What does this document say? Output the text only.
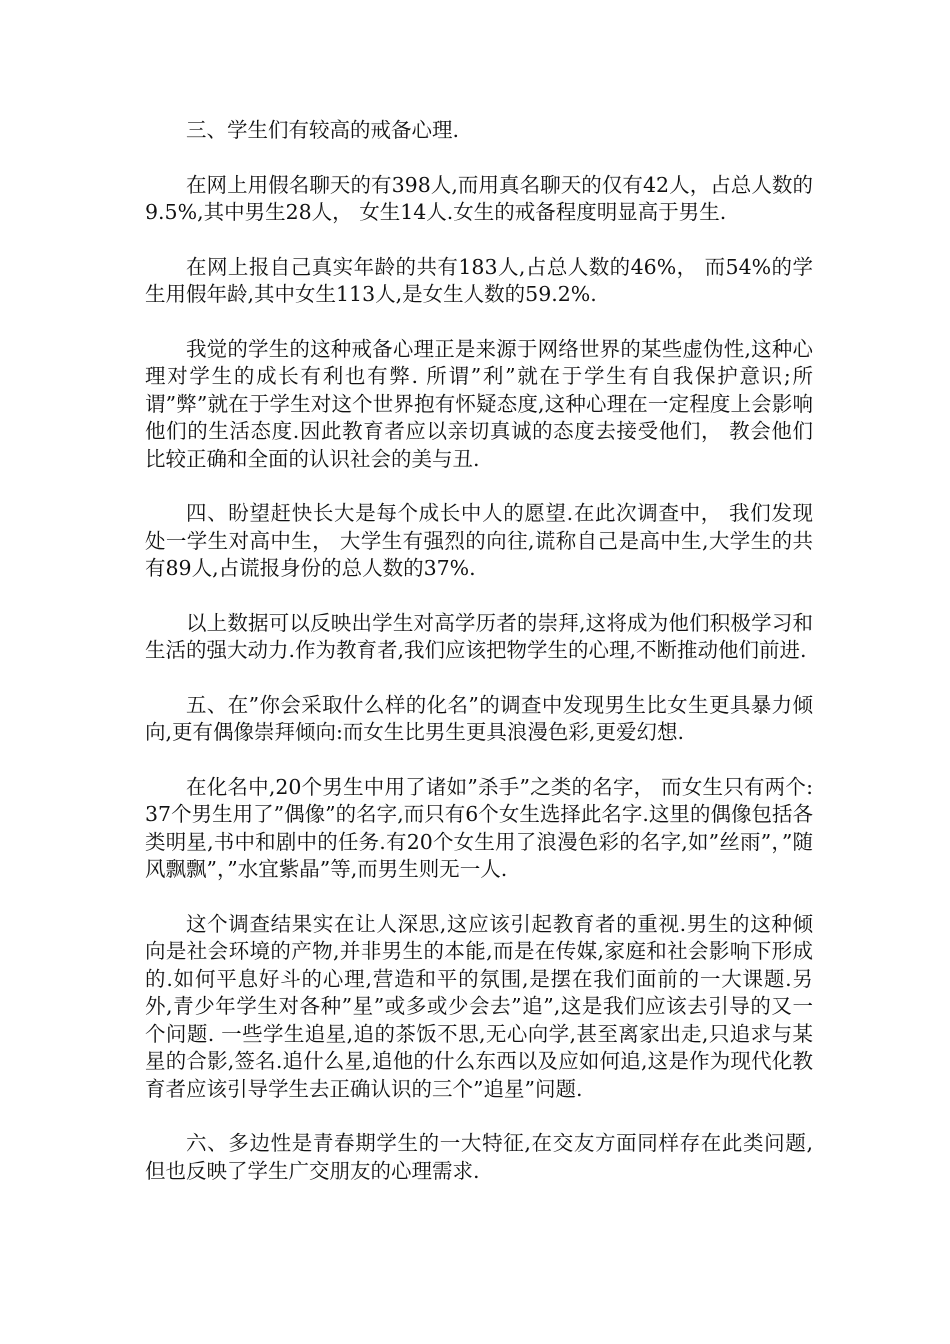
三、学生们有较高的戒备心理.

在网上用假名聊天的有398人,而用真名聊天的仅有42人，占总人数的9.5%,其中男生28人， 女生14人.女生的戒备程度明显高于男生.

在网上报自己真实年龄的共有183人,占总人数的46%， 而54%的学生用假年龄,其中女生113人,是女生人数的59.2%.

我觉的学生的这种戒备心理正是来源于网络世界的某些虚伪性,这种心理对学生的成长有利也有弊. 所谓”利”就在于学生有自我保护意识;所谓”弊”就在于学生对这个世界抱有怀疑态度,这种心理在一定程度上会影响他们的生活态度.因此教育者应以亲切真诚的态度去接受他们， 教会他们比较正确和全面的认识社会的美与丑.

四、盼望赶快长大是每个成长中人的愿望.在此次调查中， 我们发现处一学生对高中生， 大学生有强烈的向往,谎称自己是高中生,大学生的共有89人,占谎报身份的总人数的37%.

以上数据可以反映出学生对高学历者的崇拜,这将成为他们积极学习和生活的强大动力.作为教育者,我们应该把物学生的心理,不断推动他们前进.

五、在”你会采取什么样的化名”的调查中发现男生比女生更具暴力倾向,更有偶像崇拜倾向:而女生比男生更具浪漫色彩,更爱幻想.

在化名中,20个男生中用了诸如”杀手”之类的名字， 而女生只有两个:37个男生用了”偶像”的名字,而只有6个女生选择此名字.这里的偶像包括各类明星,书中和剧中的任务.有20个女生用了浪漫色彩的名字,如”丝雨”，”随风飘飘”，”水宜紫晶”等,而男生则无一人.

这个调查结果实在让人深思,这应该引起教育者的重视.男生的这种倾向是社会环境的产物,并非男生的本能,而是在传媒,家庭和社会影响下形成的.如何平息好斗的心理,营造和平的氛围,是摆在我们面前的一大课题.另外,青少年学生对各种”星”或多或少会去”追”,这是我们应该去引导的又一个问题. 一些学生追星,追的茶饭不思,无心向学,甚至离家出走,只追求与某星的合影,签名.追什么星,追他的什么东西以及应如何追,这是作为现代化教育者应该引导学生去正确认识的三个”追星”问题.

六、多边性是青春期学生的一大特征,在交友方面同样存在此类问题,但也反映了学生广交朋友的心理需求.
